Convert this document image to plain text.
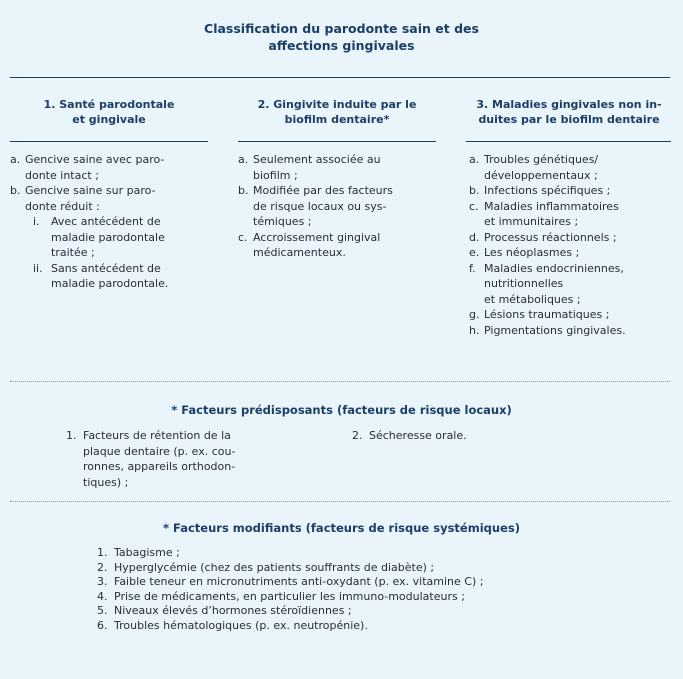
Classification du parodonte sain et des
affections gingivales
1. Santé parodontale
et gingivale
a. Gencive saine avec paro-
donte intact ;
b. Gencive saine sur paro-
donte réduit :
i. Avec antécédent de
maladie parodontale
traitée ;
ii. Sans antécédent de
maladie parodontale.
2. Gingivite induite par le
biofilm dentaire*
a. Seulement associée au
biofilm ;
b. Modifiée par des facteurs
de risque locaux ou sys-
témiques ;
c. Accroissement gingival
médicamenteux.
3. Maladies gingivales non in-
duites par le biofilm dentaire
a. Troubles génétiques/
développementaux ;
b. Infections spécifiques ;
c. Maladies inflammatoires
et immunitaires ;
d. Processus réactionnels ;
e. Les néoplasmes ;
f. Maladies endocriniennes,
nutritionnelles
et métaboliques ;
g. Lésions traumatiques ;
h. Pigmentations gingivales.
* Facteurs prédisposants (facteurs de risque locaux)
1. Facteurs de rétention de la
plaque dentaire (p. ex. cou-
ronnes, appareils orthodon-
tiques) ;
2. Sécheresse orale.
* Facteurs modifiants (facteurs de risque systémiques)
1. Tabagisme ;
2. Hyperglycémie (chez des patients souffrants de diabète) ;
3. Faible teneur en micronutriments anti-oxydant (p. ex. vitamine C) ;
4. Prise de médicaments, en particulier les immuno-modulateurs ;
5. Niveaux élevés d’hormones stéroïdiennes ;
6. Troubles hématologiques (p. ex. neutropénie).
